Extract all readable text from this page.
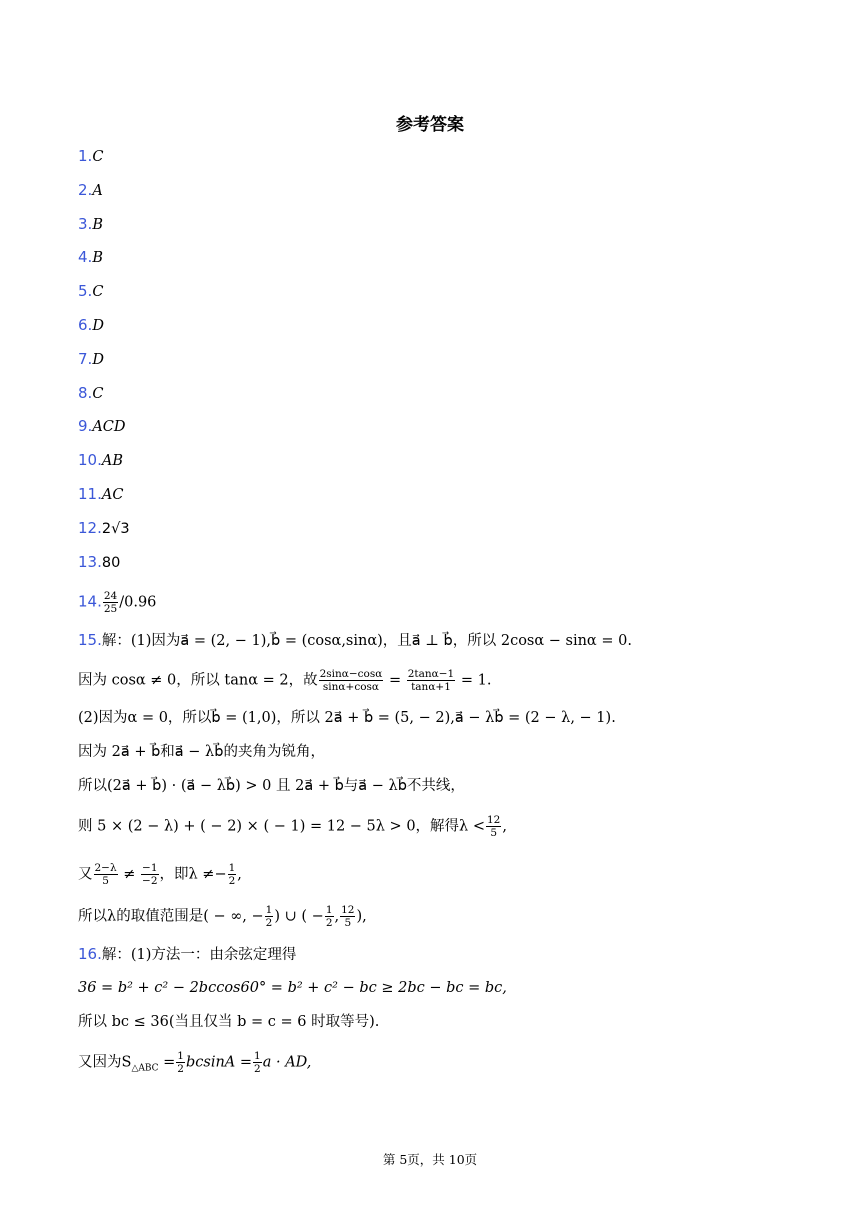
参考答案
1.C
2.A
3.B
4.B
5.C
6.D
7.D
8.C
9.ACD
10.AB
11.AC
12.2√3
13.80
14. $\frac{24}{25} /0.96$
15.解：(1)因为a⃗ = (2, − 1),b⃗ = (cosα,sinα)，且a⃗ ⊥ b⃗，所以 2cosα − sinα = 0.
因为 cosα ≠ 0，所以 tanα = 2，故 $\frac{2\sin\alpha-\cos\alpha}{\sin\alpha+\cos\alpha} = \frac{2\tan\alpha-1}{\tan\alpha+1} = 1$.
(2)因为α = 0，所以b⃗ = (1,0)，所以 2a⃗ + b⃗ = (5, − 2),a⃗ − λb⃗ = (2 − λ, − 1).
因为 2a⃗ + b⃗和a⃗ − λb⃗的夹角为锐角，
所以(2a⃗ + b⃗) · (a⃗ − λb⃗) > 0 且 2a⃗ + b⃗与a⃗ − λb⃗不共线，
则 5 × (2 − λ) + ( − 2) × ( − 1) = 12 − 5λ > 0，解得$\lambda < \frac{12}{5}$ ,
又 $\frac{2-\lambda}{5} \ne \frac{-1}{-2}$ ，即$\lambda \ne- \frac{1}{2}$ ,
所以λ的取值范围是( − ∞, − $\frac{1}{2}$ ) ∪ ( − $\frac{1}{2}$ , $\frac{12}{5}$ ),
16.解：(1)方法一：由余弦定理得
36 = b² + c² − 2bccos60° = b² + c² − bc ≥ 2bc − bc = bc,
所以 bc ≤ 36(当且仅当 b = c = 6 时取等号).
又因为$S_{\triangle ABC} = \frac{1}{2}$ $bcsinA = \frac{1}{2}$ a · AD,
第 5页，共 10页
